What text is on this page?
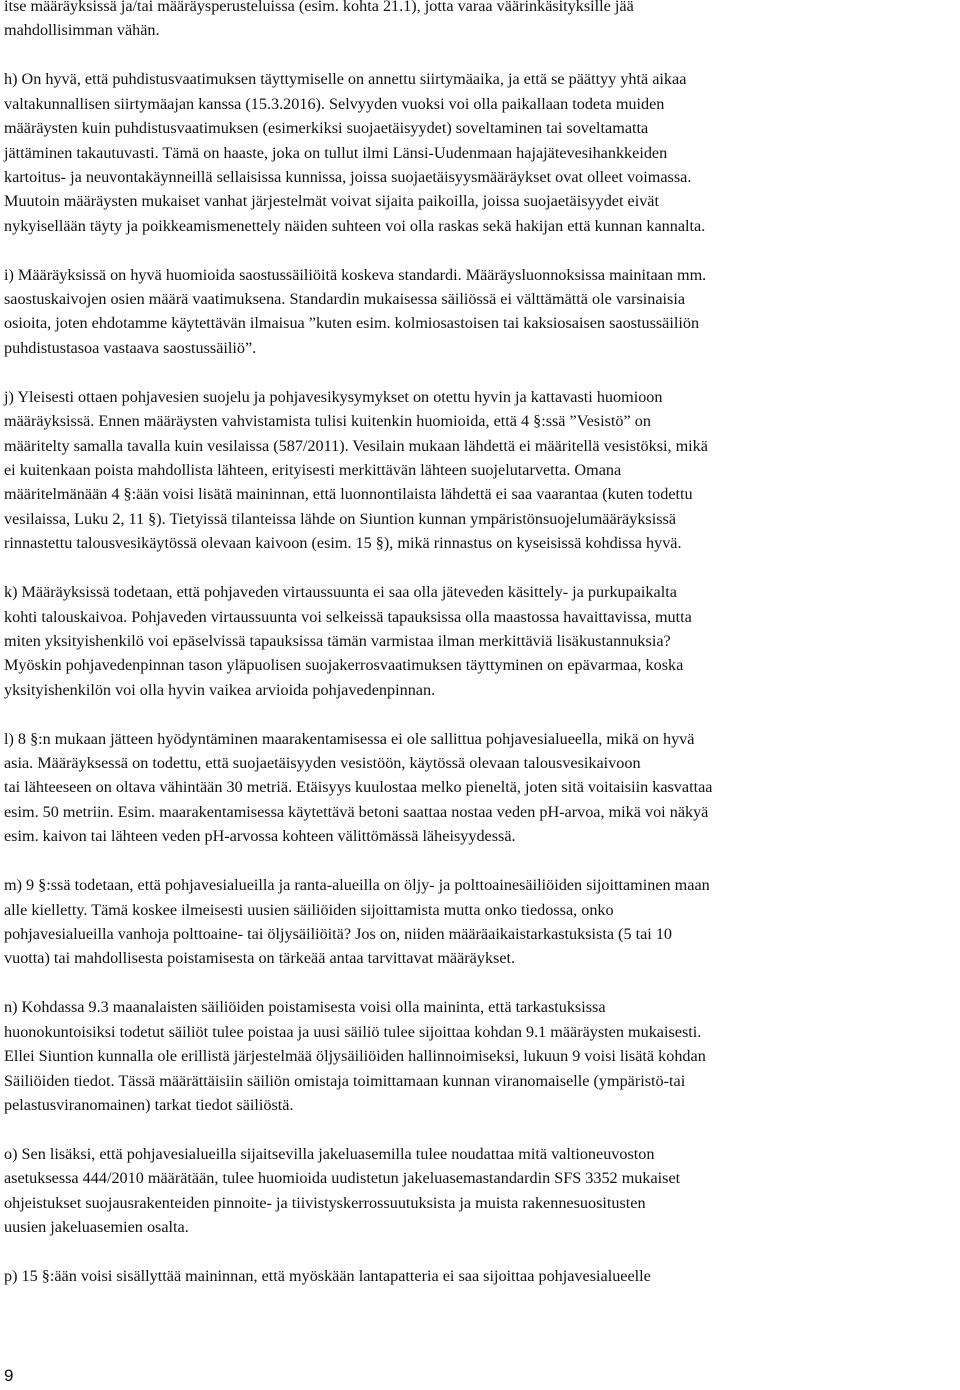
itse määräyksissä ja/tai määräysperusteluissa (esim. kohta 21.1), jotta varaa väärinkäsityksille jää
mahdollisimman vähän.
h) On hyvä, että puhdistusvaatimuksen täyttymiselle on annettu siirtymäaika, ja että se päättyy yhtä aikaa
valtakunnallisen siirtymäajan kanssa (15.3.2016). Selvyyden vuoksi voi olla paikallaan todeta muiden
määräysten kuin puhdistusvaatimuksen (esimerkiksi suojaetäisyydet) soveltaminen tai soveltamatta
jättäminen takautuvasti. Tämä on haaste, joka on tullut ilmi Länsi-Uudenmaan hajajätevesihankkeiden
kartoitus- ja neuvontakäynneillä sellaisissa kunnissa, joissa suojaetäisyysmääräykset ovat olleet voimassa.
Muutoin määräysten mukaiset vanhat järjestelmät voivat sijaita paikoilla, joissa suojaetäisyydet eivät
nykyisellään täyty ja poikkeamismenettely näiden suhteen voi olla raskas sekä hakijan että kunnan kannalta.
i) Määräyksissä on hyvä huomioida saostussäiliöitä koskeva standardi. Määräysluonnoksissa mainitaan mm.
saostuskaivojen osien määrä vaatimuksena. Standardin mukaisessa säiliössä ei välttämättä ole varsinaisia
osioita, joten ehdotamme käytettävän ilmaisua ”kuten esim. kolmiosastoisen tai kaksiosaisen saostussäiliön
puhdistustasoa vastaava saostussäiliö”.
j) Yleisesti ottaen pohjavesien suojelu ja pohjavesikysymykset on otettu hyvin ja kattavasti huomioon
määräyksissä. Ennen määräysten vahvistamista tulisi kuitenkin huomioida, että 4 §:ssä ”Vesistö” on
määritelty samalla tavalla kuin vesilaissa (587/2011). Vesilain mukaan lähdettä ei määritellä vesistöksi, mikä
ei kuitenkaan poista mahdollista lähteen, erityisesti merkittävän lähteen suojelutarvetta. Omana
määritelmänään 4 §:ään voisi lisätä maininnan, että luonnontilaista lähdettä ei saa vaarantaa (kuten todettu
vesilaissa, Luku 2, 11 §). Tietyissä tilanteissa lähde on Siuntion kunnan ympäristönsuojelumääräyksissä
rinnastettu talousvesikäytössä olevaan kaivoon (esim. 15 §), mikä rinnastus on kyseisissä kohdissa hyvä.
k) Määräyksissä todetaan, että pohjaveden virtaussuunta ei saa olla jäteveden käsittely- ja purkupaikalta
kohti talouskaivoa. Pohjaveden virtaussuunta voi selkeissä tapauksissa olla maastossa havaittavissa, mutta
miten yksityishenkilö voi epäselvissä tapauksissa tämän varmistaa ilman merkittäviä lisäkustannuksia?
Myöskin pohjavedenpinnan tason yläpuolisen suojakerrosvaatimuksen täyttyminen on epävarmaa, koska
yksityishenkilön voi olla hyvin vaikea arvioida pohjavedenpinnan.
l) 8 §:n mukaan jätteen hyödyntäminen maarakentamisessa ei ole sallittua pohjavesialueella, mikä on hyvä
asia. Määräyksessä on todettu, että suojaetäisyyden vesistöön, käytössä olevaan talousvesikaivoon
tai lähteeseen on oltava vähintään 30 metriä. Etäisyys kuulostaa melko pieneltä, joten sitä voitaisiin kasvattaa
esim. 50 metriin. Esim. maarakentamisessa käytettävä betoni saattaa nostaa veden pH-arvoa, mikä voi näkyä
esim. kaivon tai lähteen veden pH-arvossa kohteen välittömässä läheisyydessä.
m) 9 §:ssä todetaan, että pohjavesialueilla ja ranta-alueilla on öljy- ja polttoainesäiliöiden sijoittaminen maan
alle kielletty. Tämä koskee ilmeisesti uusien säiliöiden sijoittamista mutta onko tiedossa, onko
pohjavesialueilla vanhoja polttoaine- tai öljysäiliöitä? Jos on, niiden määräaikaistarkastuksista (5 tai 10
vuotta) tai mahdollisesta poistamisesta on tärkeää antaa tarvittavat määräykset.
n) Kohdassa 9.3 maanalaisten säiliöiden poistamisesta voisi olla maininta, että tarkastuksissa
huonokuntoisiksi todetut säiliöt tulee poistaa ja uusi säiliö tulee sijoittaa kohdan 9.1 määräysten mukaisesti.
Ellei Siuntion kunnalla ole erillistä järjestelmää öljysäiliöiden hallinnoimiseksi, lukuun 9 voisi lisätä kohdan
Säiliöiden tiedot. Tässä määrättäisiin säiliön omistaja toimittamaan kunnan viranomaiselle (ympäristö-tai
pelastusviranomainen) tarkat tiedot säiliöstä.
o) Sen lisäksi, että pohjavesialueilla sijaitsevilla jakeluasemilla tulee noudattaa mitä valtioneuvoston
asetuksessa 444/2010 määrätään, tulee huomioida uudistetun jakeluasemastandardin SFS 3352 mukaiset
ohjeistukset suojausrakenteiden pinnoite- ja tiivistyskerrossuutuksista ja muista rakennesuositusten
uusien jakeluasemien osalta.
p) 15 §:ään voisi sisällyttää maininnan, että myöskään lantapatteria ei saa sijoittaa pohjavesialueelle
9
